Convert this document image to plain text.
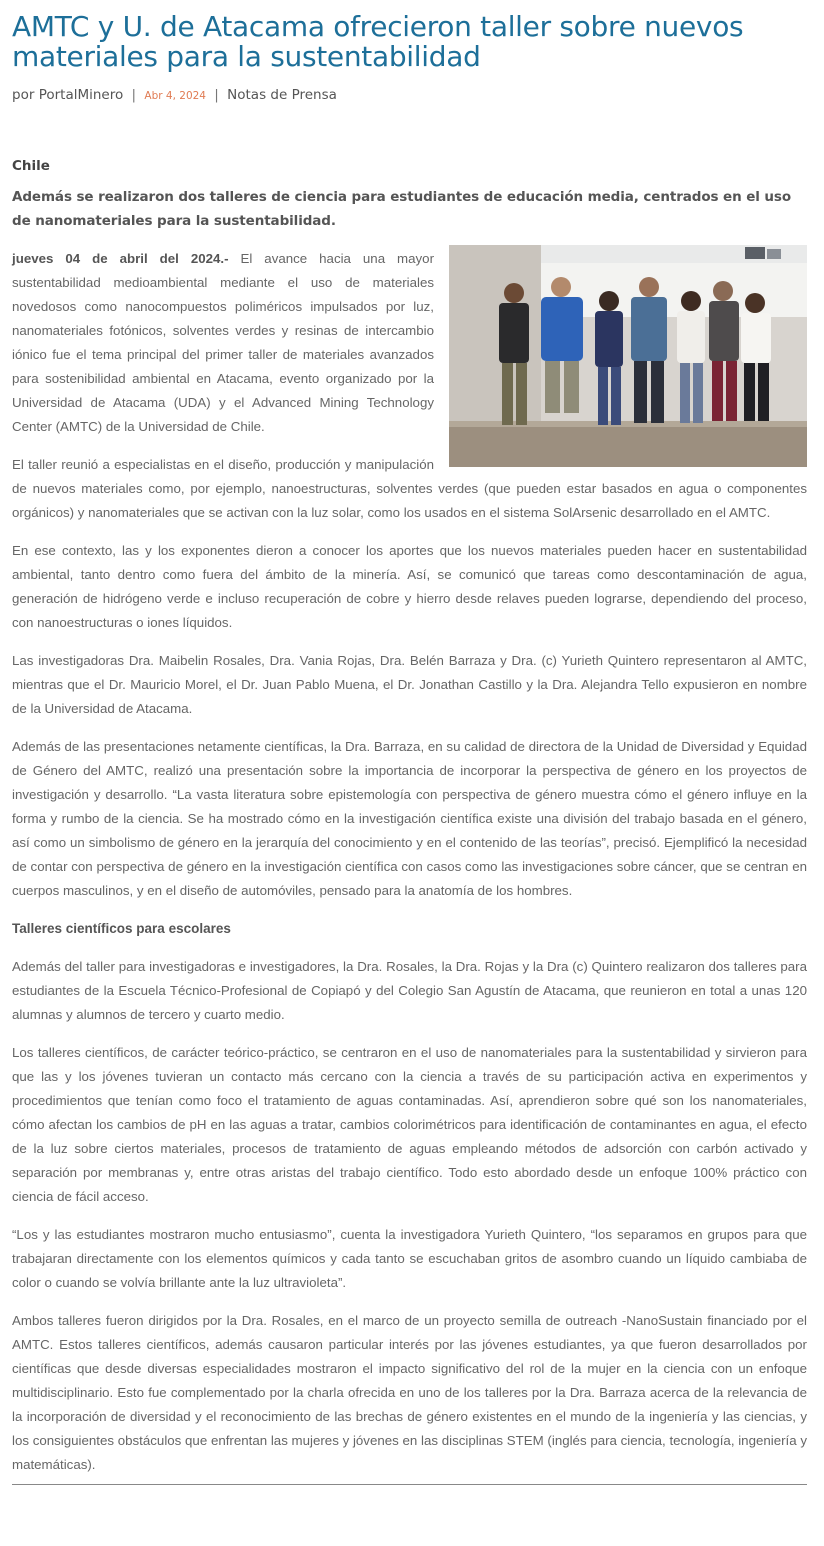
AMTC y U. de Atacama ofrecieron taller sobre nuevos materiales para la sustentabilidad
por PortalMinero | Abr 4, 2024 | Notas de Prensa
Chile
Además se realizaron dos talleres de ciencia para estudiantes de educación media, centrados en el uso de nanomateriales para la sustentabilidad.

jueves 04 de abril del 2024.- El avance hacia una mayor sustentabilidad medioambiental mediante el uso de materiales novedosos como nanocompuestos poliméricos impulsados por luz, nanomateriales fotónicos, solventes verdes y resinas de intercambio iónico fue el tema principal del primer taller de materiales avanzados para sostenibilidad ambiental en Atacama, evento organizado por la Universidad de Atacama (UDA) y el Advanced Mining Technology Center (AMTC) de la Universidad de Chile.

El taller reunió a especialistas en el diseño, producción y manipulación de nuevos materiales como, por ejemplo, nanoestructuras, solventes verdes (que pueden estar basados en agua o componentes orgánicos) y nanomateriales que se activan con la luz solar, como los usados en el sistema SolArsenic desarrollado en el AMTC.

En ese contexto, las y los exponentes dieron a conocer los aportes que los nuevos materiales pueden hacer en sustentabilidad ambiental, tanto dentro como fuera del ámbito de la minería. Así, se comunicó que tareas como descontaminación de agua, generación de hidrógeno verde e incluso recuperación de cobre y hierro desde relaves pueden lograrse, dependiendo del proceso, con nanoestructuras o iones líquidos.

Las investigadoras Dra. Maibelin Rosales, Dra. Vania Rojas, Dra. Belén Barraza y Dra. (c) Yurieth Quintero representaron al AMTC, mientras que el Dr. Mauricio Morel, el Dr. Juan Pablo Muena, el Dr. Jonathan Castillo y la Dra. Alejandra Tello expusieron en nombre de la Universidad de Atacama.

Además de las presentaciones netamente científicas, la Dra. Barraza, en su calidad de directora de la Unidad de Diversidad y Equidad de Género del AMTC, realizó una presentación sobre la importancia de incorporar la perspectiva de género en los proyectos de investigación y desarrollo. “La vasta literatura sobre epistemología con perspectiva de género muestra cómo el género influye en la forma y rumbo de la ciencia. Se ha mostrado cómo en la investigación científica existe una división del trabajo basada en el género, así como un simbolismo de género en la jerarquía del conocimiento y en el contenido de las teorías”, precisó. Ejemplificó la necesidad de contar con perspectiva de género en la investigación científica con casos como las investigaciones sobre cáncer, que se centran en cuerpos masculinos, y en el diseño de automóviles, pensado para la anatomía de los hombres.

Talleres científicos para escolares

Además del taller para investigadoras e investigadores, la Dra. Rosales, la Dra. Rojas y la Dra (c) Quintero realizaron dos talleres para estudiantes de la Escuela Técnico-Profesional de Copiapó y del Colegio San Agustín de Atacama, que reunieron en total a unas 120 alumnas y alumnos de tercero y cuarto medio.

Los talleres científicos, de carácter teórico-práctico, se centraron en el uso de nanomateriales para la sustentabilidad y sirvieron para que las y los jóvenes tuvieran un contacto más cercano con la ciencia a través de su participación activa en experimentos y procedimientos que tenían como foco el tratamiento de aguas contaminadas. Así, aprendieron sobre qué son los nanomateriales, cómo afectan los cambios de pH en las aguas a tratar, cambios colorimétricos para identificación de contaminantes en agua, el efecto de la luz sobre ciertos materiales, procesos de tratamiento de aguas empleando métodos de adsorción con carbón activado y separación por membranas y, entre otras aristas del trabajo científico. Todo esto abordado desde un enfoque 100% práctico con ciencia de fácil acceso.

“Los y las estudiantes mostraron mucho entusiasmo”, cuenta la investigadora Yurieth Quintero, “los separamos en grupos para que trabajaran directamente con los elementos químicos y cada tanto se escuchaban gritos de asombro cuando un líquido cambiaba de color o cuando se volvía brillante ante la luz ultravioleta”.

Ambos talleres fueron dirigidos por la Dra. Rosales, en el marco de un proyecto semilla de outreach -NanoSustain financiado por el AMTC. Estos talleres científicos, además causaron particular interés por las jóvenes estudiantes, ya que fueron desarrollados por científicas que desde diversas especialidades mostraron el impacto significativo del rol de la mujer en la ciencia con un enfoque multidisciplinario. Esto fue complementado por la charla ofrecida en uno de los talleres por la Dra. Barraza acerca de la relevancia de la incorporación de diversidad y el reconocimiento de las brechas de género existentes en el mundo de la ingeniería y las ciencias, y los consiguientes obstáculos que enfrentan las mujeres y jóvenes en las disciplinas STEM (inglés para ciencia, tecnología, ingeniería y matemáticas).
